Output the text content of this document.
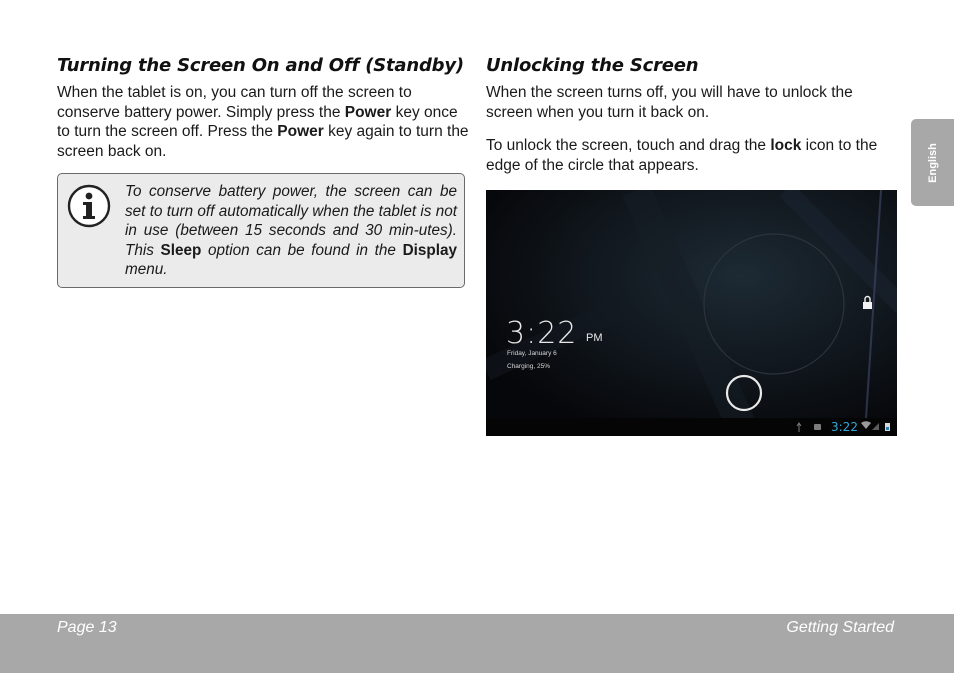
Turning the Screen On and Off (Standby)

When the tablet is on, you can turn off the screen to conserve battery power. Simply press the Power key once to turn the screen off. Press the Power key again to turn the screen back on.

To conserve battery power, the screen can be set to turn off automatically when the tablet is not in use (between 15 seconds and 30 min-utes). This Sleep option can be found in the Display menu.

Unlocking the Screen

When the screen turns off, you will have to unlock the screen when you turn it back on.

To unlock the screen, touch and drag the lock icon to the edge of the circle that appears.	English
3:22 PM
Friday, January 6
Charging, 25%
3:22
Page 13	Getting Started
